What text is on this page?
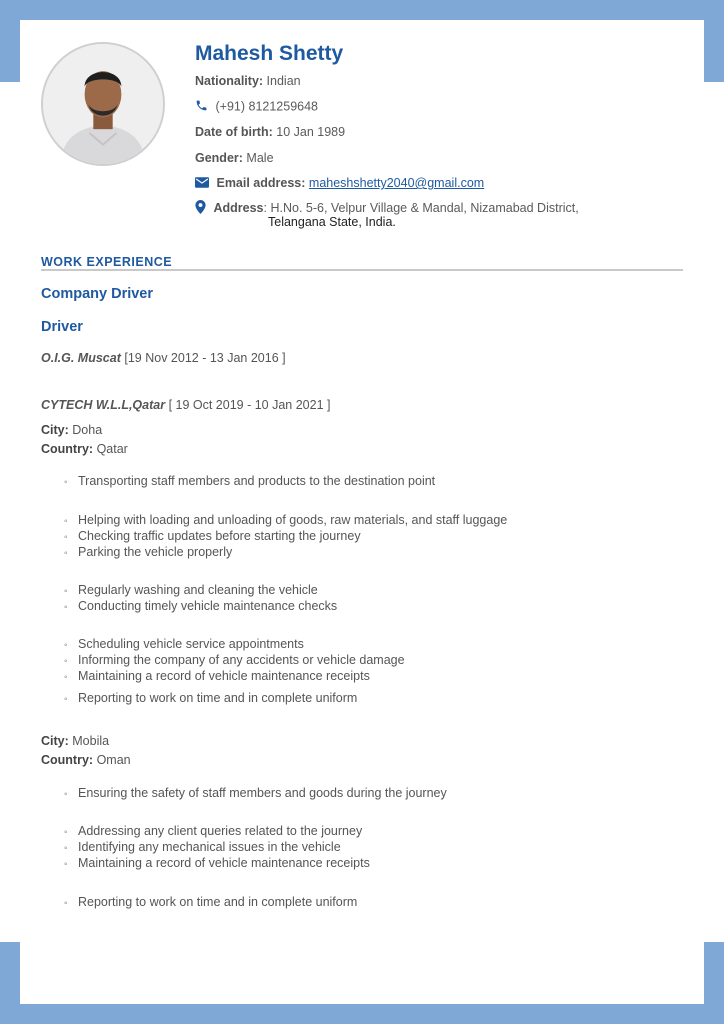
Mahesh Shetty
Nationality: Indian
(+91) 8121259648
Date of birth: 10 Jan 1989
Gender: Male
Email address: maheshshetty2040@gmail.com
Address: H.No. 5-6, Velpur Village & Mandal, Nizamabad District,
Telangana State, India.
WORK EXPERIENCE
Company Driver
Driver
O.I.G. Muscat [19 Nov 2012 - 13 Jan 2016 ]
CYTECH W.L.L,Qatar [ 19 Oct 2019 - 10 Jan 2021 ]
City: Doha
Country: Qatar
◦ Transporting staff members and products to the destination point
◦ Helping with loading and unloading of goods, raw materials, and staff luggage
◦ Checking traffic updates before starting the journey
◦ Parking the vehicle properly
◦ Regularly washing and cleaning the vehicle
◦ Conducting timely vehicle maintenance checks
◦ Scheduling vehicle service appointments
◦ Informing the company of any accidents or vehicle damage
◦ Maintaining a record of vehicle maintenance receipts
◦ Reporting to work on time and in complete uniform
City: Mobila
Country: Oman
◦ Ensuring the safety of staff members and goods during the journey
◦ Addressing any client queries related to the journey
◦ Identifying any mechanical issues in the vehicle
◦ Maintaining a record of vehicle maintenance receipts
◦ Reporting to work on time and in complete uniform
